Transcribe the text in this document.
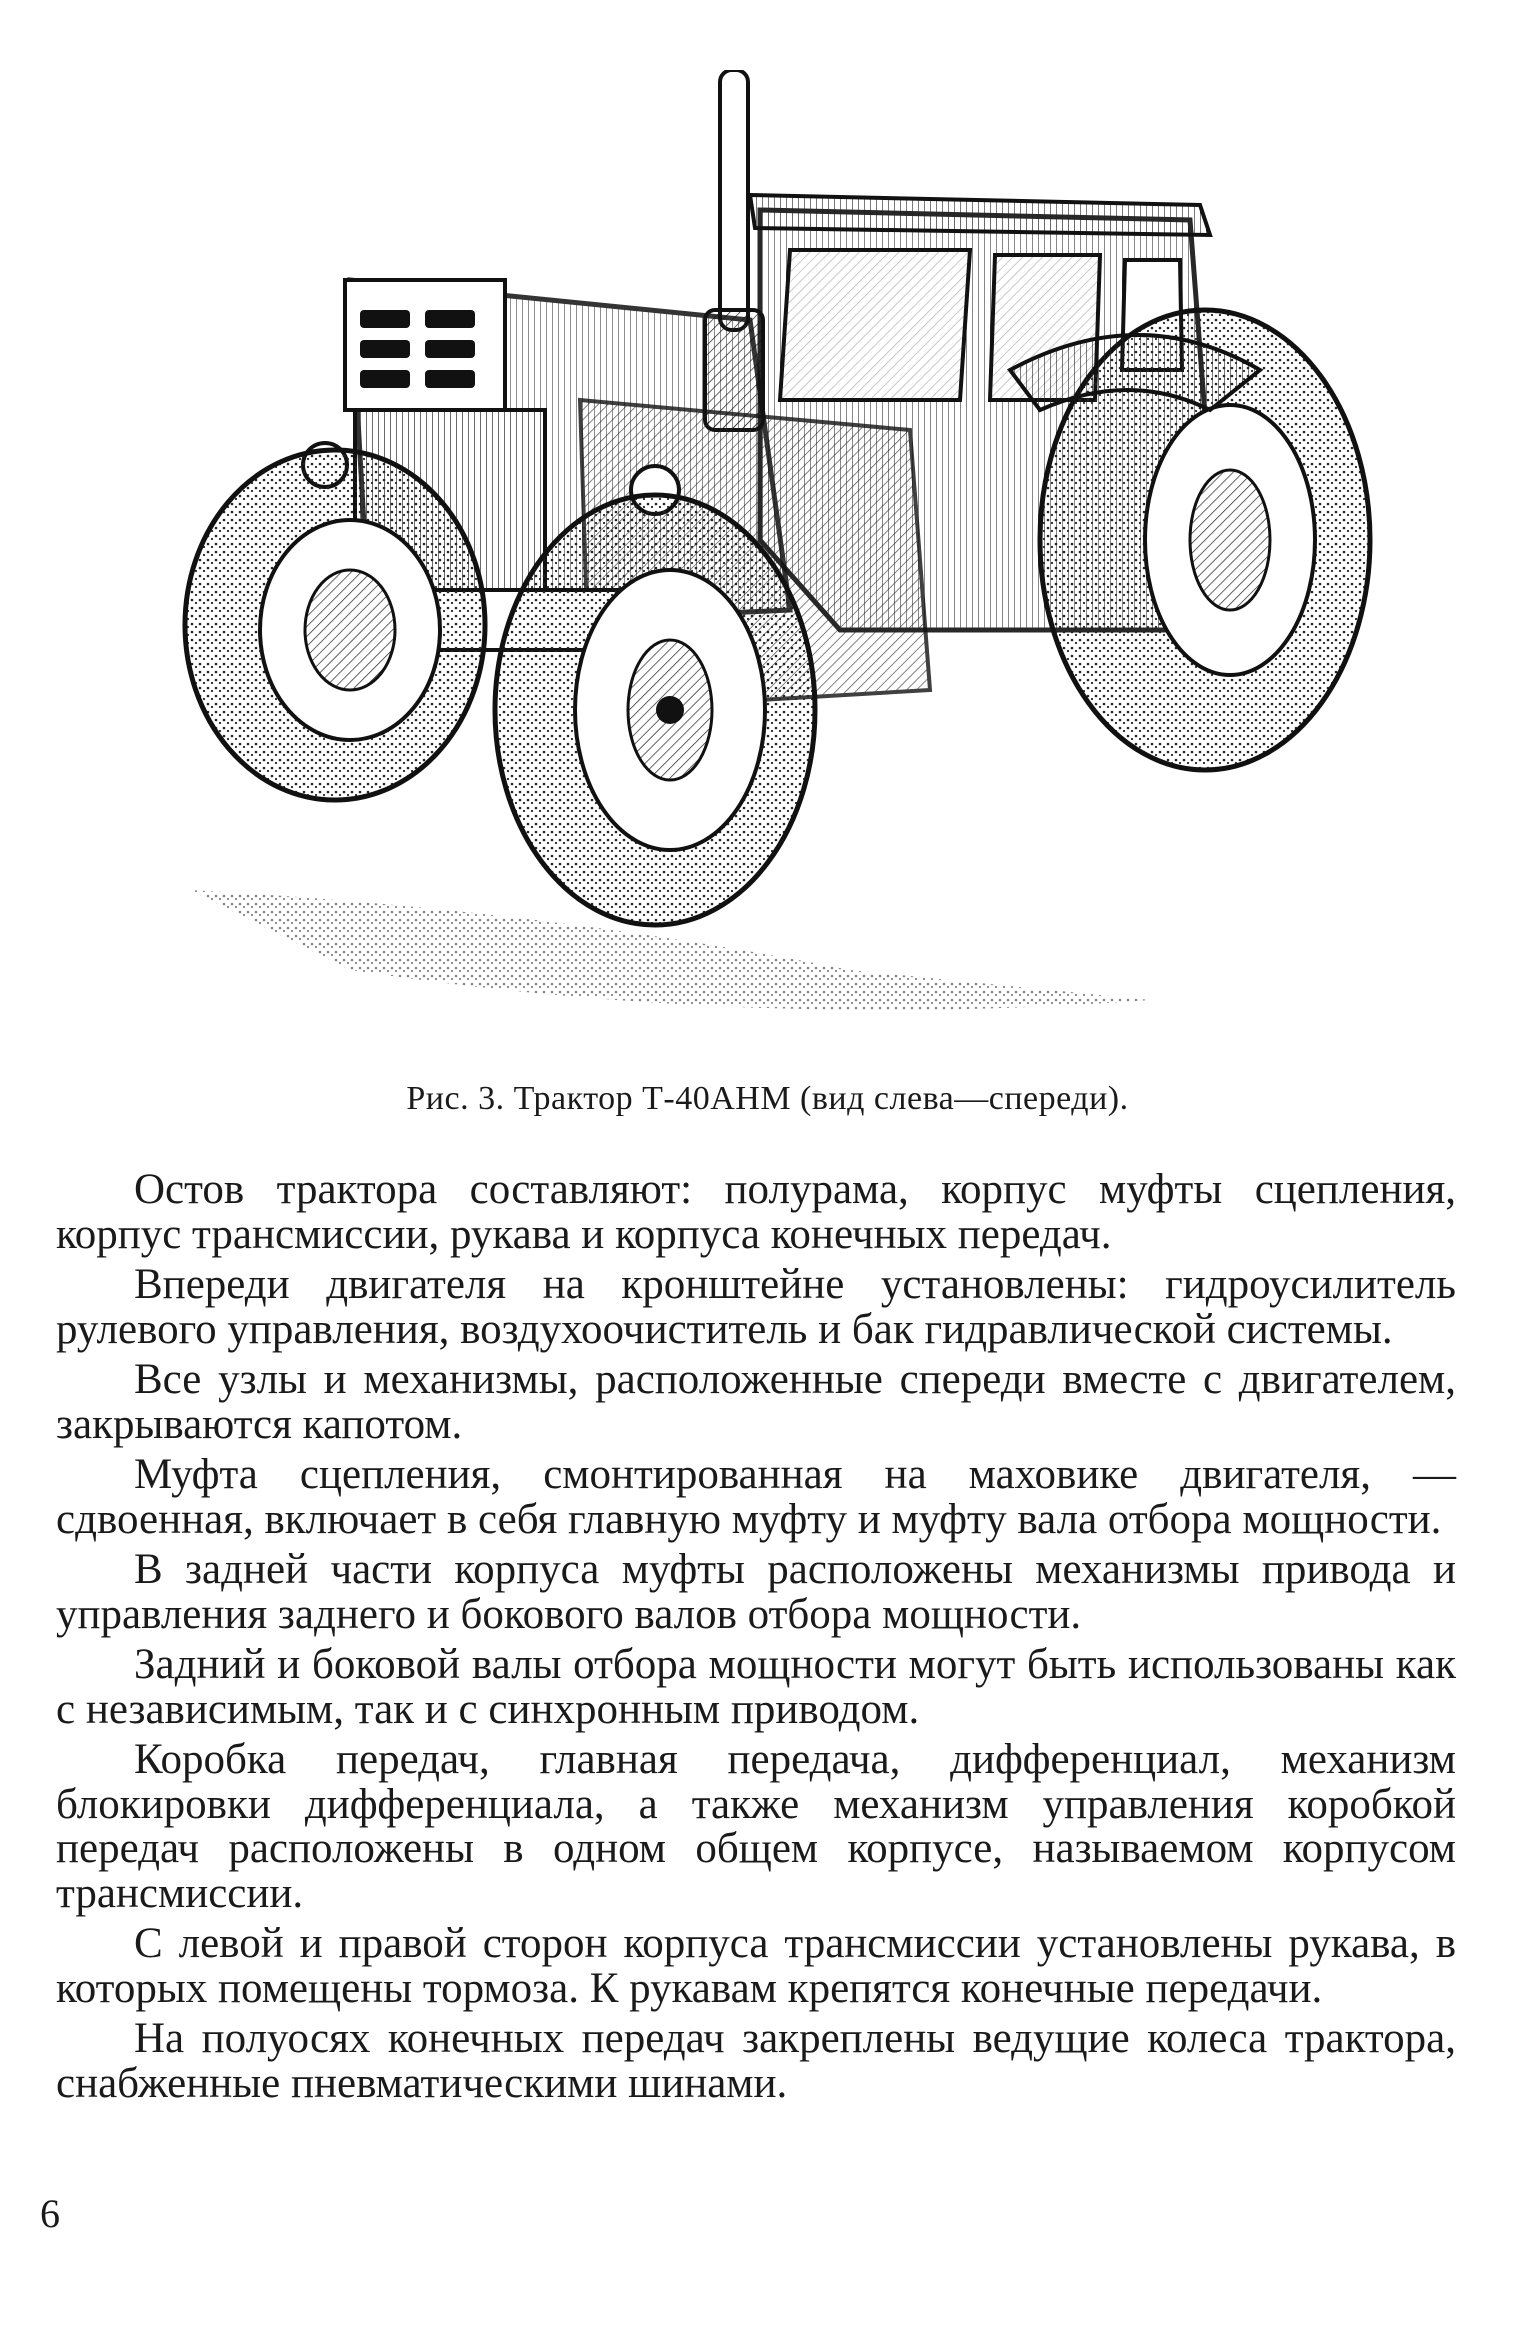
Рис. 3. Трактор Т-40АНМ (вид слева—спереди).

Остов трактора составляют: полурама, корпус муфты сцепления, корпус трансмиссии, рукава и корпуса конечных передач.

Впереди двигателя на кронштейне установлены: гидроусилитель рулевого управления, воздухоочиститель и бак гидравлической системы.

Все узлы и механизмы, расположенные спереди вместе с двигателем, закрываются капотом.

Муфта сцепления, смонтированная на маховике двигателя, — сдвоенная, включает в себя главную муфту и муфту вала отбора мощности.

В задней части корпуса муфты расположены механизмы привода и управления заднего и бокового валов отбора мощности.

Задний и боковой валы отбора мощности могут быть использованы как с независимым, так и с синхронным приводом.

Коробка передач, главная передача, дифференциал, механизм блокировки дифференциала, а также механизм управления коробкой передач расположены в одном общем корпусе, называемом корпусом трансмиссии.

С левой и правой сторон корпуса трансмиссии установлены рукава, в которых помещены тормоза. К рукавам крепятся конечные передачи.

На полуосях конечных передач закреплены ведущие колеса трактора, снабженные пневматическими шинами.

6
